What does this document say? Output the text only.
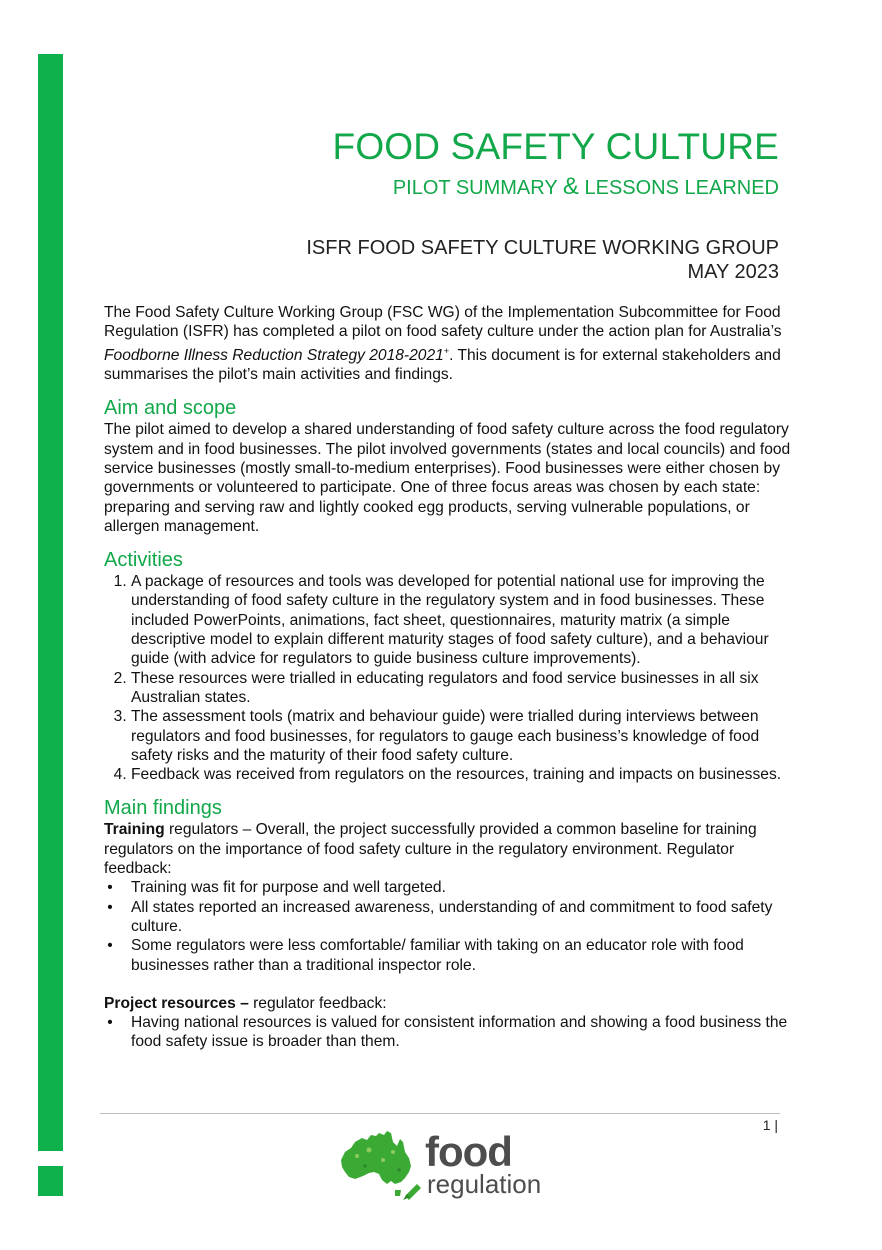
FOOD SAFETY CULTURE
PILOT SUMMARY & LESSONS LEARNED
ISFR FOOD SAFETY CULTURE WORKING GROUP
MAY 2023

The Food Safety Culture Working Group (FSC WG) of the Implementation Subcommittee for Food Regulation (ISFR) has completed a pilot on food safety culture under the action plan for Australia’s Foodborne Illness Reduction Strategy 2018-2021+. This document is for external stakeholders and summarises the pilot’s main activities and findings.

Aim and scope

The pilot aimed to develop a shared understanding of food safety culture across the food regulatory system and in food businesses. The pilot involved governments (states and local councils) and food service businesses (mostly small-to-medium enterprises). Food businesses were either chosen by governments or volunteered to participate. One of three focus areas was chosen by each state: preparing and serving raw and lightly cooked egg products, serving vulnerable populations, or allergen management.

Activities
1. A package of resources and tools was developed for potential national use for improving the understanding of food safety culture in the regulatory system and in food businesses. These included PowerPoints, animations, fact sheet, questionnaires, maturity matrix (a simple descriptive model to explain different maturity stages of food safety culture), and a behaviour guide (with advice for regulators to guide business culture improvements).
2. These resources were trialled in educating regulators and food service businesses in all six Australian states.
3. The assessment tools (matrix and behaviour guide) were trialled during interviews between regulators and food businesses, for regulators to gauge each business’s knowledge of food safety risks and the maturity of their food safety culture.
4. Feedback was received from regulators on the resources, training and impacts on businesses.
Main findings

Training regulators – Overall, the project successfully provided a common baseline for training regulators on the importance of food safety culture in the regulatory environment. Regulator feedback:

• Training was fit for purpose and well targeted.
• All states reported an increased awareness, understanding of and commitment to food safety culture.
• Some regulators were less comfortable/ familiar with taking on an educator role with food businesses rather than a traditional inspector role.

Project resources – regulator feedback:

• Having national resources is valued for consistent information and showing a food business the food safety issue is broader than them.
1 |
food
regulation
